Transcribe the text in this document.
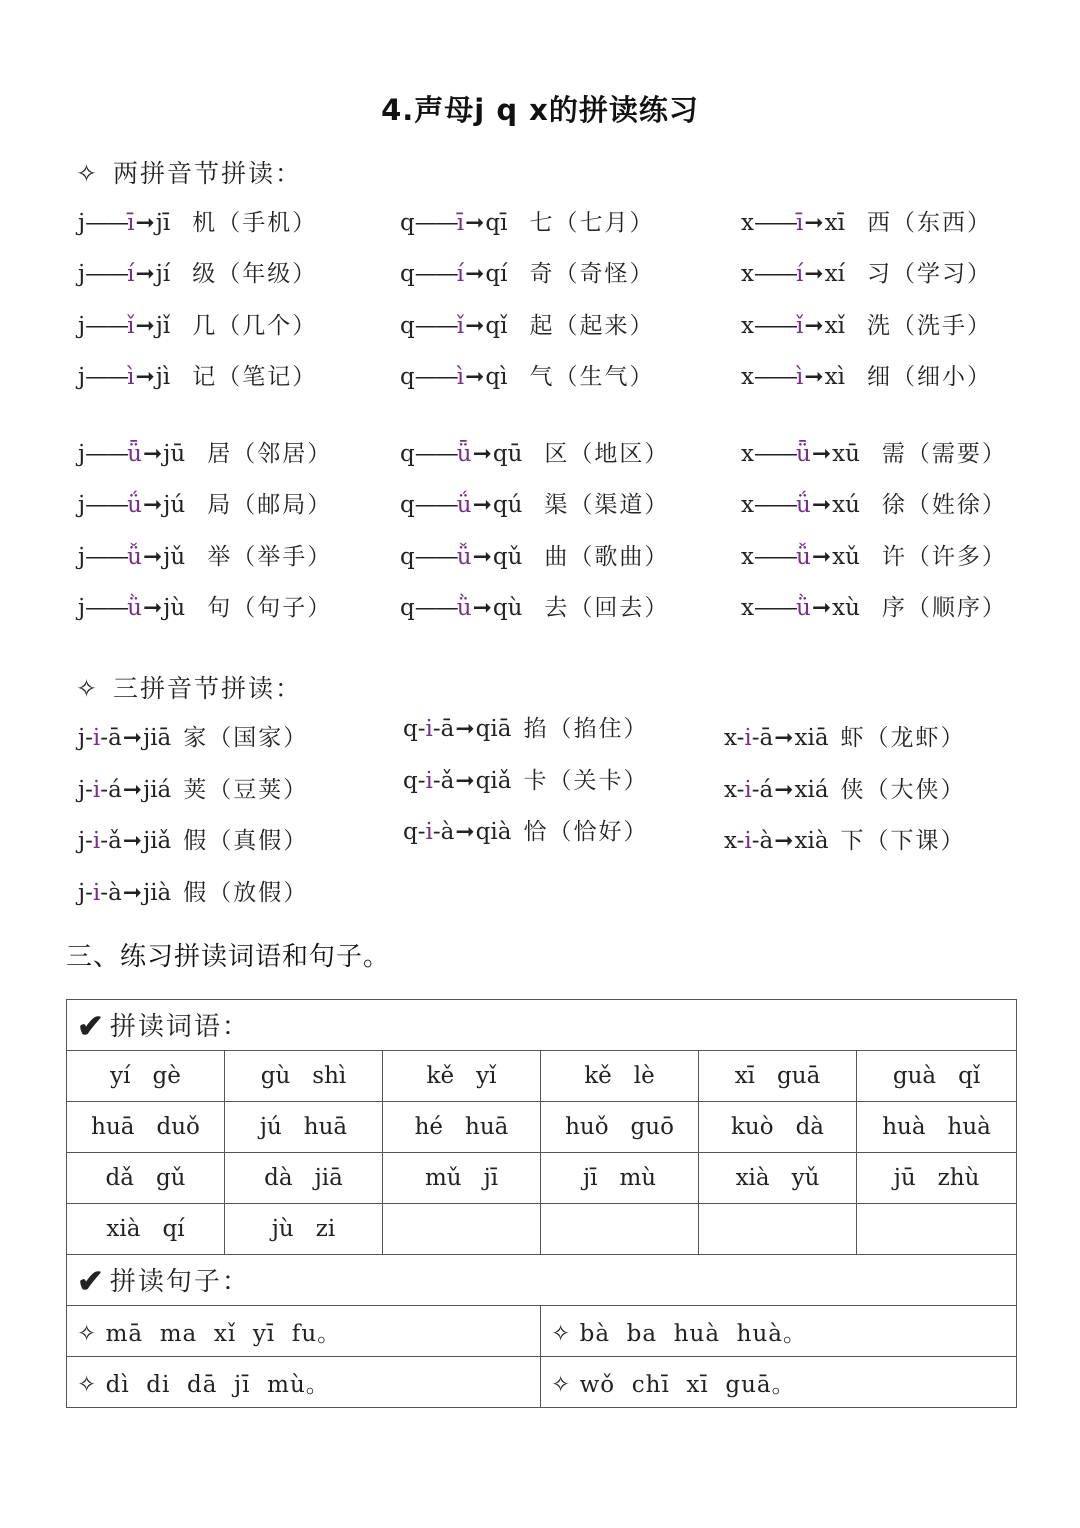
4.声母j q x的拼读练习
✧ 两拼音节拼读：
j——ī➞jī 机（手机）
j——í➞jí 级（年级）
j——ǐ➞jǐ 几（几个）
j——ì➞jì 记（笔记）
j——ǖ➞jū 居（邻居）
j——ǘ➞jú 局（邮局）
j——ǚ➞jǔ 举（举手）
j——ǜ➞jù 句（句子）
q——ī➞qī 七（七月）
q——í➞qí 奇（奇怪）
q——ǐ➞qǐ 起（起来）
q——ì➞qì 气（生气）
q——ǖ➞qū 区（地区）
q——ǘ➞qú 渠（渠道）
q——ǚ➞qǔ 曲（歌曲）
q——ǜ➞qù 去（回去）
x——ī➞xī 西（东西）
x——í➞xí 习（学习）
x——ǐ➞xǐ 洗（洗手）
x——ì➞xì 细（细小）
x——ǖ➞xū 需（需要）
x——ǘ➞xú 徐（姓徐）
x——ǚ➞xǔ 许（许多）
x——ǜ➞xù 序（顺序）
✧ 三拼音节拼读：
j-i-ā➞jiā 家（国家）
j-i-á➞jiá 荚（豆荚）
j-i-ǎ➞jiǎ 假（真假）
j-i-à➞jià 假（放假）
q-i-ā➞qiā 掐（掐住）
q-i-ǎ➞qiǎ 卡（关卡）
q-i-à➞qià 恰（恰好）
x-i-ā➞xiā 虾（龙虾）
x-i-á➞xiá 侠（大侠）
x-i-à➞xià 下（下课）
三、练习拼读词语和句子。
✔ 拼读词语：					
yí gè	gù shì	kě yǐ	kě lè	xī guā	guà qǐ
huā duǒ	jú huā	hé huā	huǒ guō	kuò dà	huà huà
dǎ gǔ	dà jiā	mǔ jī	jī mù	xià yǔ	jū zhù
xià qí	jù zi				
✔ 拼读句子：					
✧ mā  ma  xǐ  yī  fu。			✧ bà  ba  huà  huà。		
✧ dì  di  dā  jī  mù。			✧ wǒ  chī  xī  guā。		
